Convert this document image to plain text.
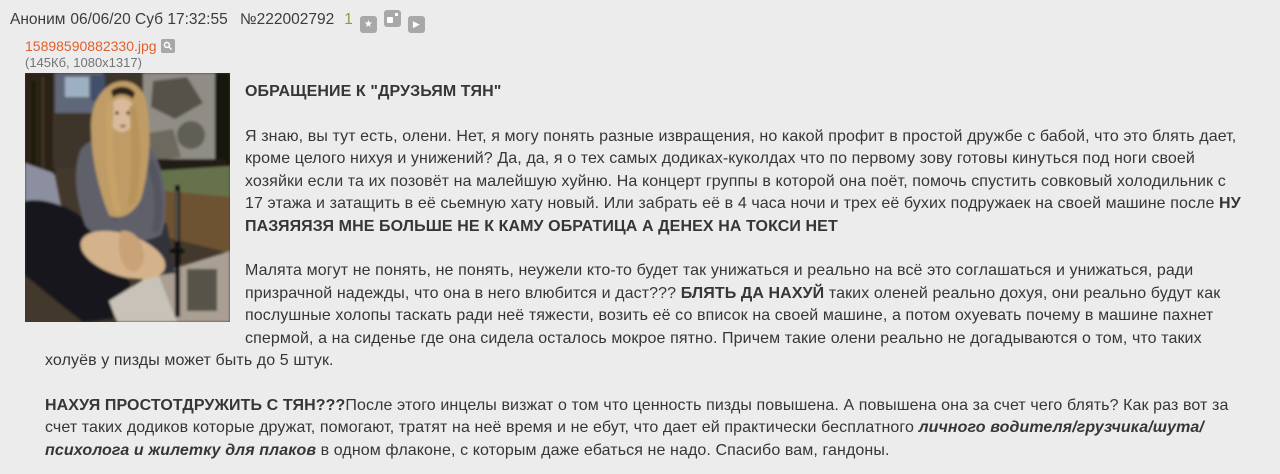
Аноним 06/06/20 Суб 17:32:55 №222002792 1	★	▶
15898590882330.jpg
(145Кб, 1080x1317)

ОБРАЩЕНИЕ К "ДРУЗЬЯМ ТЯН"

Я знаю, вы тут есть, олени. Нет, я могу понять разные извращения, но какой профит в простой дружбе с бабой, что это блять дает, кроме целого нихуя и унижений? Да, да, я о тех самых додиках-куколдах что по первому зову готовы кинуться под ноги своей хозяйки если та их позовёт на малейшую хуйню. На концерт группы в которой она поёт, помочь спустить совковый холодильник с 17 этажа и затащить в её сьемную хату новый. Или забрать её в 4 часа ночи и трех её бухих подружаек на своей машине после НУ ПАЗЯЯЯЗЯ МНЕ БОЛЬШЕ НЕ К КАМУ ОБРАТИЦА А ДЕНЕХ НА ТОКСИ НЕТ

Малята могут не понять, не понять, неужели кто-то будет так унижаться и реально на всё это соглашаться и унижаться, ради призрачной надежды, что она в него влюбится и даст??? БЛЯТЬ ДА НАХУЙ таких оленей реально дохуя, они реально будут как послушные холопы таскать ради неё тяжести, возить её со вписок на своей машине, а потом охуевать почему в машине пахнет спермой, а на сиденье где она сидела осталось мокрое пятно. Причем такие олени реально не догадываются о том, что таких холуёв у пизды может быть до 5 штук.

НАХУЯ ПРОСТОТДРУЖИТЬ С ТЯН???После этого инцелы визжат о том что ценность пизды повышена. А повышена она за счет чего блять? Как раз вот за счет таких додиков которые дружат, помогают, тратят на неё время и не ебут, что дает ей практически бесплатного личного водителя/грузчика/шута/психолога и жилетку для плаков в одном флаконе, с которым даже ебаться не надо. Спасибо вам, гандоны.
